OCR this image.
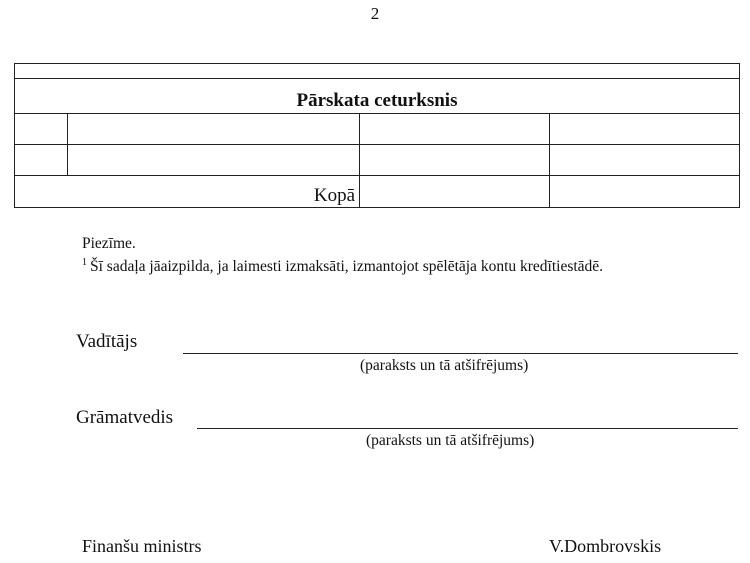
2

Pārskata ceturksnis			

Kopā			
Piezīme.
$^1$ Šī sadaļa jāaizpilda, ja laimesti izmaksāti, izmantojot spēlētāja kontu kredītiestādē.
Vadītājs
(paraksts un tā atšifrējums)
Grāmatvedis
(paraksts un tā atšifrējums)
Finanšu ministrs	V.Dombrovskis
